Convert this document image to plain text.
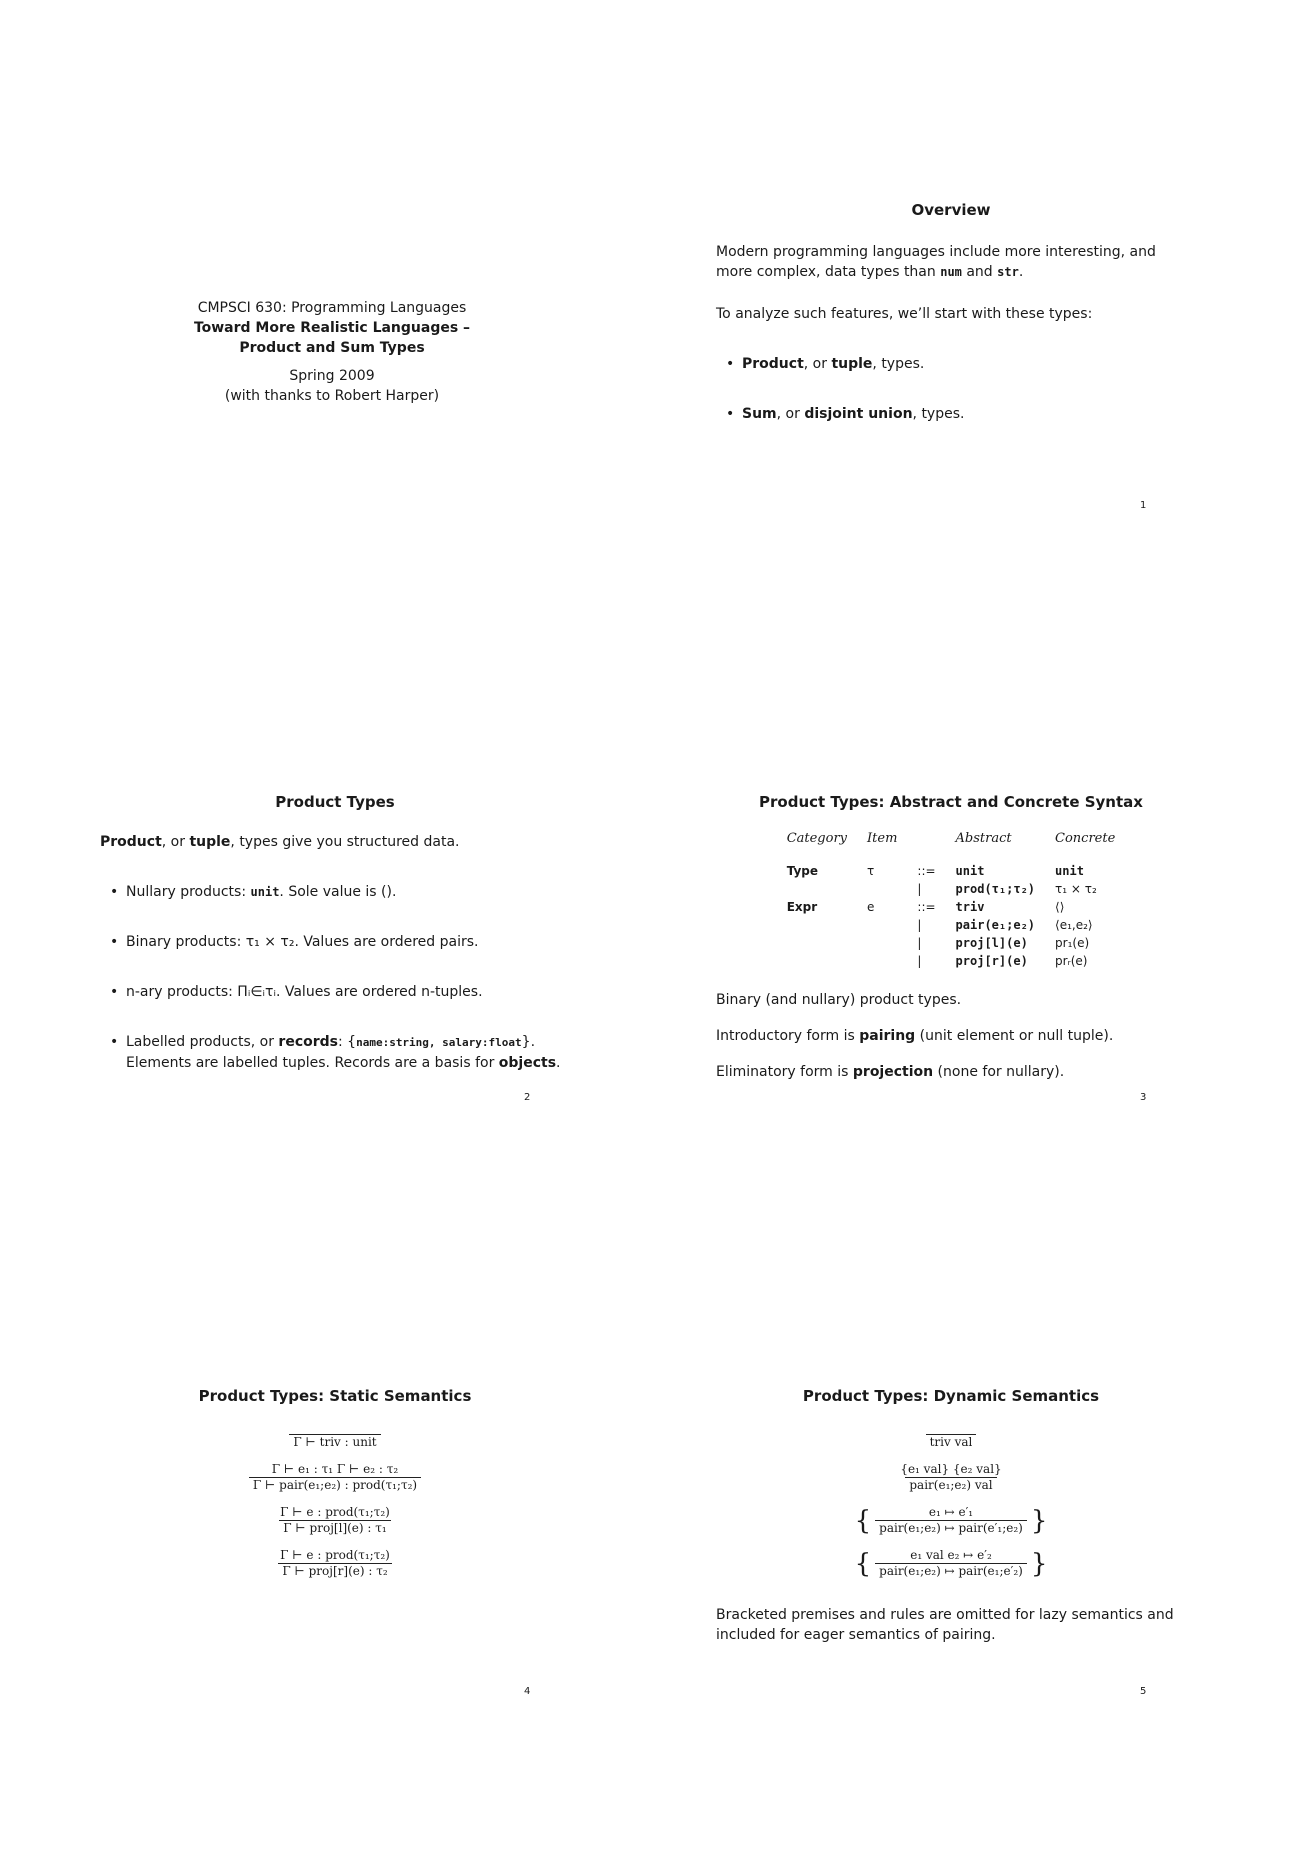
CMPSCI 630: Programming Languages

Toward More Realistic Languages –

Product and Sum Types

Spring 2009

(with thanks to Robert Harper)

Overview

Modern programming languages include more interesting, and more complex, data types than num and str.

To analyze such features, we’ll start with these types:

• Product, or tuple, types.
• Sum, or disjoint union, types.
1

Product Types

Product, or tuple, types give you structured data.

• Nullary products: unit. Sole value is ().
• Binary products: τ₁ × τ₂. Values are ordered pairs.
• n-ary products: Πᵢ∈ᵢτᵢ. Values are ordered n-tuples.
• Labelled products, or records: {name:string, salary:float}.
Elements are labelled tuples. Records are a basis for objects.
2

Product Types: Abstract and Concrete Syntax

Category	Item		Abstract	Concrete
Type	τ	::=	unit	unit
		|	prod(τ₁;τ₂)	τ₁ × τ₂
Expr	e	::=	triv	⟨⟩
		|	pair(e₁;e₂)	⟨e₁,e₂⟩
		|	proj[l](e)	pr₁(e)
		|	proj[r](e)	prᵣ(e)

Binary (and nullary) product types.

Introductory form is pairing (unit element or null tuple).

Eliminatory form is projection (none for nullary).

3

Product Types: Static Semantics

Γ ⊢ triv : unit
$\frac{\text{Γ ⊢ e₁ : τ₁ Γ ⊢ e₂ : τ₂}}{\text{Γ ⊢ pair(e₁;e₂) : prod(τ₁;τ₂)}}$
$\frac{\text{Γ ⊢ e : prod(τ₁;τ₂)}}{\text{Γ ⊢ proj[l](e) : τ₁}}$
$\frac{\text{Γ ⊢ e : prod(τ₁;τ₂)}}{\text{Γ ⊢ proj[r](e) : τ₂}}$
4

Product Types: Dynamic Semantics

triv val
$\frac{\text{\{e₁ val\} \{e₂ val\}}}{\text{pair(e₁;e₂) val}}$
{ $\frac{\text{e₁ ↦ e′₁}}{\text{pair(e₁;e₂) ↦ pair(e′₁;e₂)}}$ }
{ $\frac{\text{e₁ val e₂ ↦ e′₂}}{\text{pair(e₁;e₂) ↦ pair(e₁;e′₂)}}$ }

Bracketed premises and rules are omitted for lazy semantics and included for eager semantics of pairing.

5
